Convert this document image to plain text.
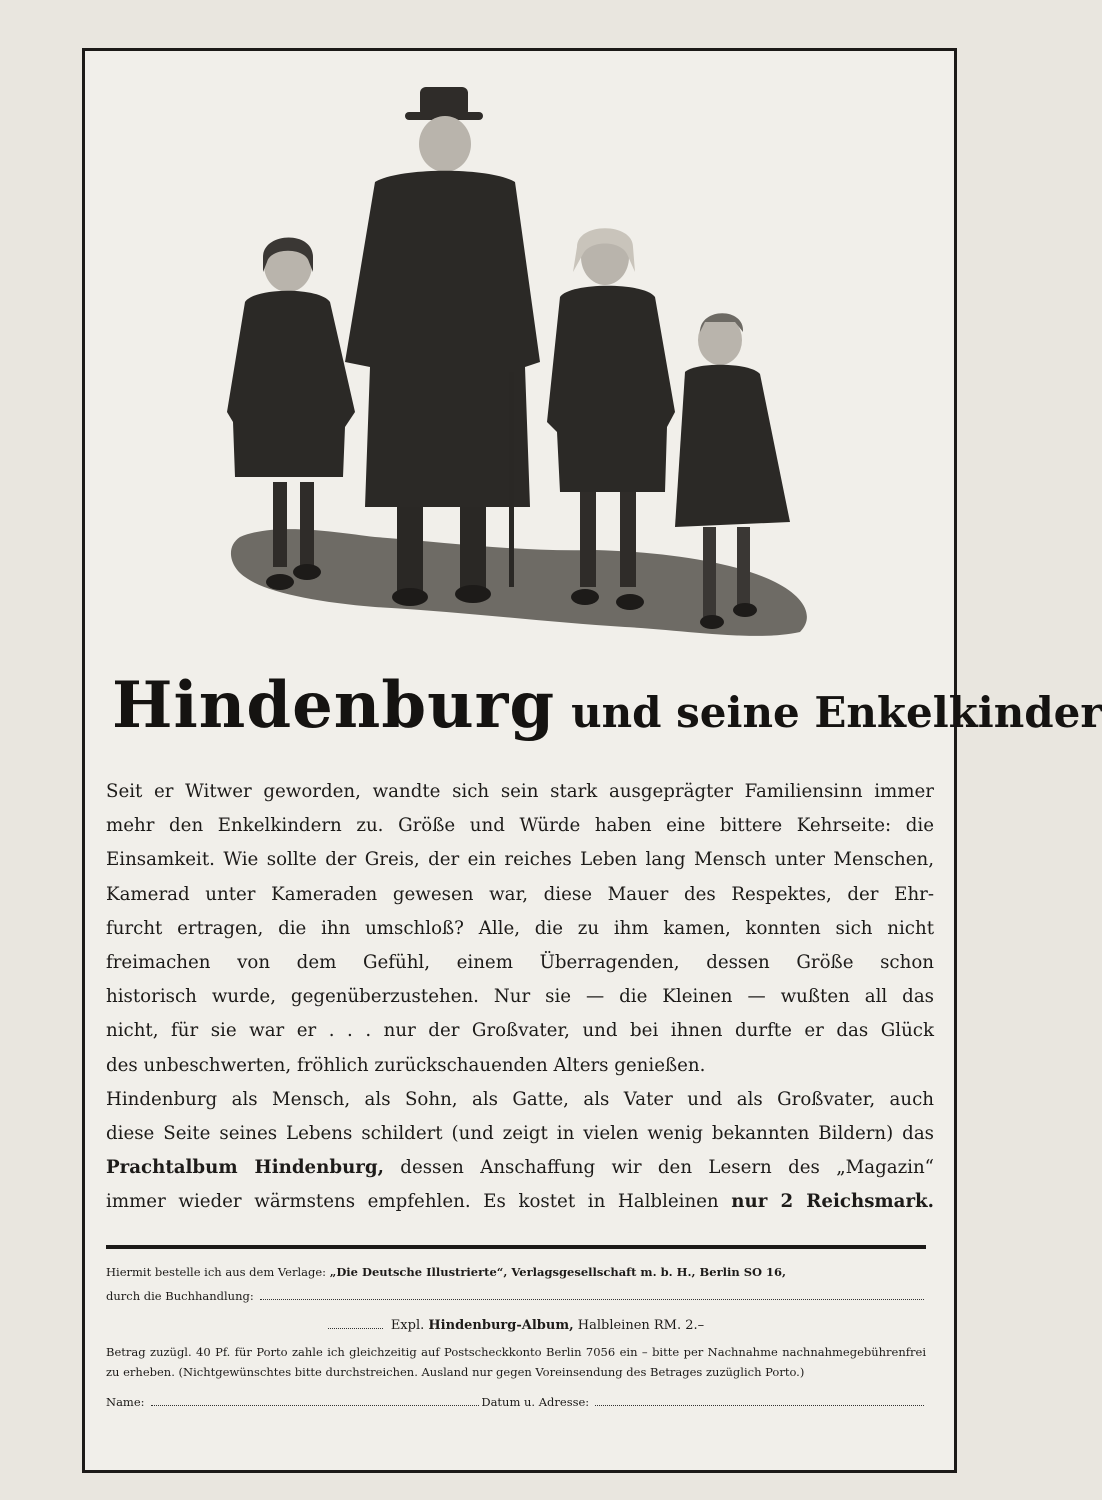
Hindenburg und seine Enkelkinder

Seit er Witwer geworden, wandte sich sein stark ausgeprägter Familiensinn immer

mehr den Enkelkindern zu. Größe und Würde haben eine bittere Kehrseite: die

Einsamkeit. Wie sollte der Greis, der ein reiches Leben lang Mensch unter Menschen,

Kamerad unter Kameraden gewesen war, diese Mauer des Respektes, der Ehr-

furcht ertragen, die ihn umschloß? Alle, die zu ihm kamen, konnten sich nicht

freimachen von dem Gefühl, einem Überragenden, dessen Größe schon

historisch wurde, gegenüberzustehen. Nur sie — die Kleinen — wußten all das

nicht, für sie war er . . . nur der Großvater, und bei ihnen durfte er das Glück

des unbeschwerten, fröhlich zurückschauenden Alters genießen.

Hindenburg als Mensch, als Sohn, als Gatte, als Vater und als Großvater, auch

diese Seite seines Lebens schildert (und zeigt in vielen wenig bekannten Bildern) das

Prachtalbum Hindenburg, dessen Anschaffung wir den Lesern des „Magazin“

immer wieder wärmstens empfehlen. Es kostet in Halbleinen nur 2 Reichsmark.

Hiermit bestelle ich aus dem Verlage:
„Die Deutsche Illustrierte“, Verlagsgesellschaft m. b. H., Berlin SO 16,
durch die Buchhandlung:
Expl.
Hindenburg-Album,
Halbleinen RM. 2.–
Betrag zuzügl. 40 Pf. für Porto zahle ich gleichzeitig auf Postscheckkonto Berlin 7056 ein – bitte per Nachnahme nachnahmegebührenfrei zu erheben. (Nichtgewünschtes bitte durchstreichen. Ausland nur gegen Voreinsendung des Betrages zuzüglich Porto.)
Name:	Datum u. Adresse:
